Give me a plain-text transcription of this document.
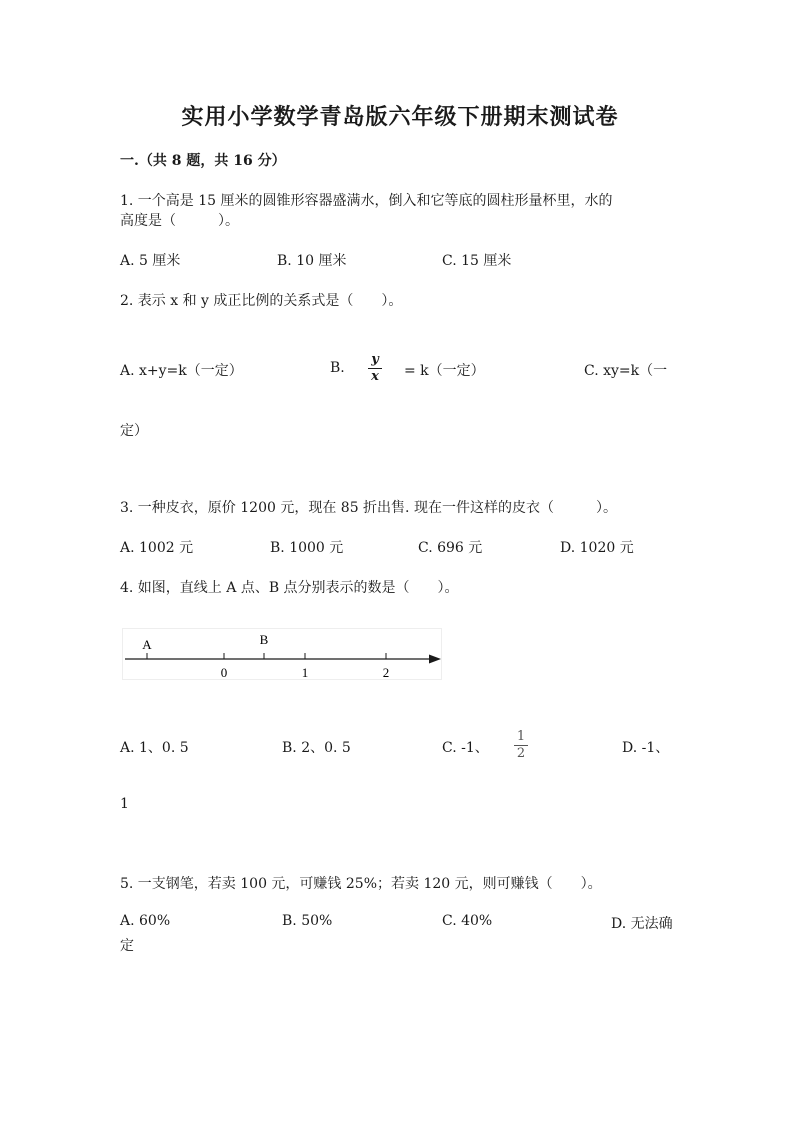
实用小学数学青岛版六年级下册期末测试卷
一.（共 8 题，共 16 分）
1. 一个高是 15 厘米的圆锥形容器盛满水，倒入和它等底的圆柱形量杯里，水的
高度是（　　　）。
A. 5 厘米	B. 10 厘米	C. 15 厘米
2. 表示 x 和 y 成正比例的关系式是（　　）。
A. x+y=k（一定）	B.
y
x = k（一定）	C. xy=k（一
定）
3. 一种皮衣，原价 1200 元，现在 85 折出售. 现在一件这样的皮衣（　　　）。
A. 1002 元	B. 1000 元	C. 696 元	D. 1020 元
4. 如图，直线上 A 点、B 点分别表示的数是（　　）。
A	B
0	1	2
A. 1、0. 5	B. 2、0. 5	C. -1、
1
2	D. -1、
1
5. 一支钢笔，若卖 100 元，可赚钱 25%；若卖 120 元，则可赚钱（　　）。
A. 60%	B. 50%	C. 40%	D. 无法确
定
